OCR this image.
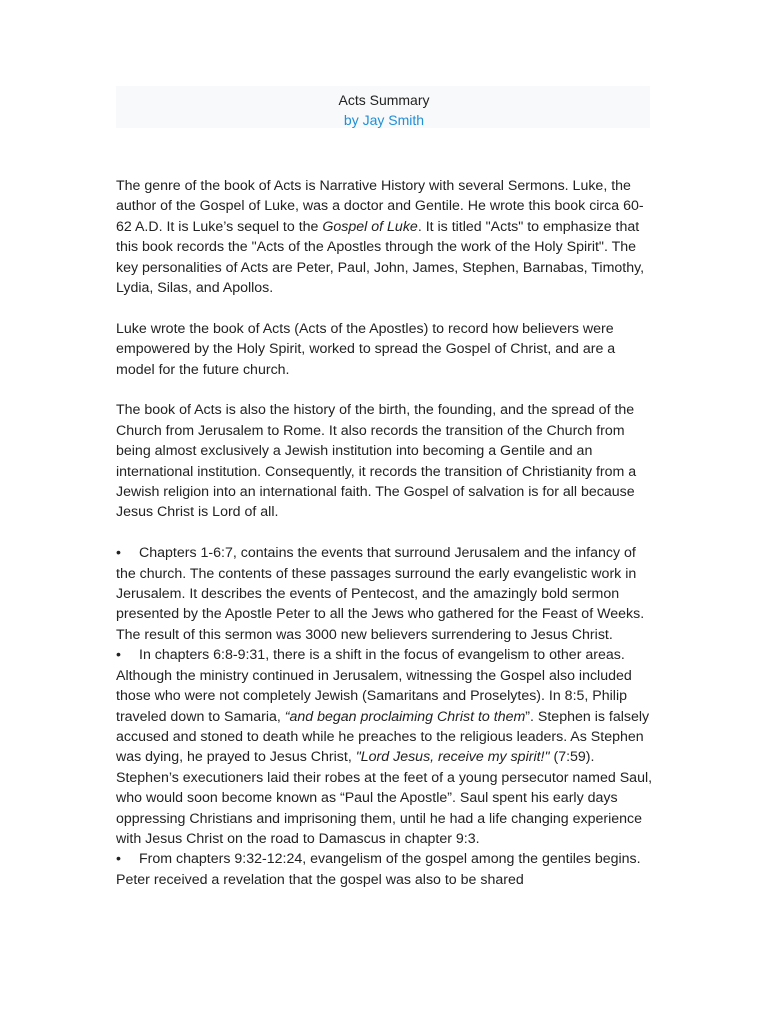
Acts Summary
by Jay Smith

The genre of the book of Acts is Narrative History with several Sermons. Luke, the author of the Gospel of Luke, was a doctor and Gentile. He wrote this book circa 60-62 A.D. It is Luke’s sequel to the Gospel of Luke. It is titled "Acts" to emphasize that this book records the "Acts of the Apostles through the work of the Holy Spirit". The key personalities of Acts are Peter, Paul, John, James, Stephen, Barnabas, Timothy, Lydia, Silas, and Apollos.

Luke wrote the book of Acts (Acts of the Apostles) to record how believers were empowered by the Holy Spirit, worked to spread the Gospel of Christ, and are a model for the future church.

The book of Acts is also the history of the birth, the founding, and the spread of the Church from Jerusalem to Rome. It also records the transition of the Church from being almost exclusively a Jewish institution into becoming a Gentile and an international institution. Consequently, it records the transition of Christianity from a Jewish religion into an international faith. The Gospel of salvation is for all because Jesus Christ is Lord of all.

• Chapters 1-6:7, contains the events that surround Jerusalem and the infancy of the church. The contents of these passages surround the early evangelistic work in Jerusalem. It describes the events of Pentecost, and the amazingly bold sermon presented by the Apostle Peter to all the Jews who gathered for the Feast of Weeks. The result of this sermon was 3000 new believers surrendering to Jesus Christ.

• In chapters 6:8-9:31, there is a shift in the focus of evangelism to other areas. Although the ministry continued in Jerusalem, witnessing the Gospel also included those who were not completely Jewish (Samaritans and Proselytes). In 8:5, Philip traveled down to Samaria, “and began proclaiming Christ to them”. Stephen is falsely accused and stoned to death while he preaches to the religious leaders. As Stephen was dying, he prayed to Jesus Christ, "Lord Jesus, receive my spirit!" (7:59). Stephen’s executioners laid their robes at the feet of a young persecutor named Saul, who would soon become known as “Paul the Apostle”. Saul spent his early days oppressing Christians and imprisoning them, until he had a life changing experience with Jesus Christ on the road to Damascus in chapter 9:3.

• From chapters 9:32-12:24, evangelism of the gospel among the gentiles begins. Peter received a revelation that the gospel was also to be shared
